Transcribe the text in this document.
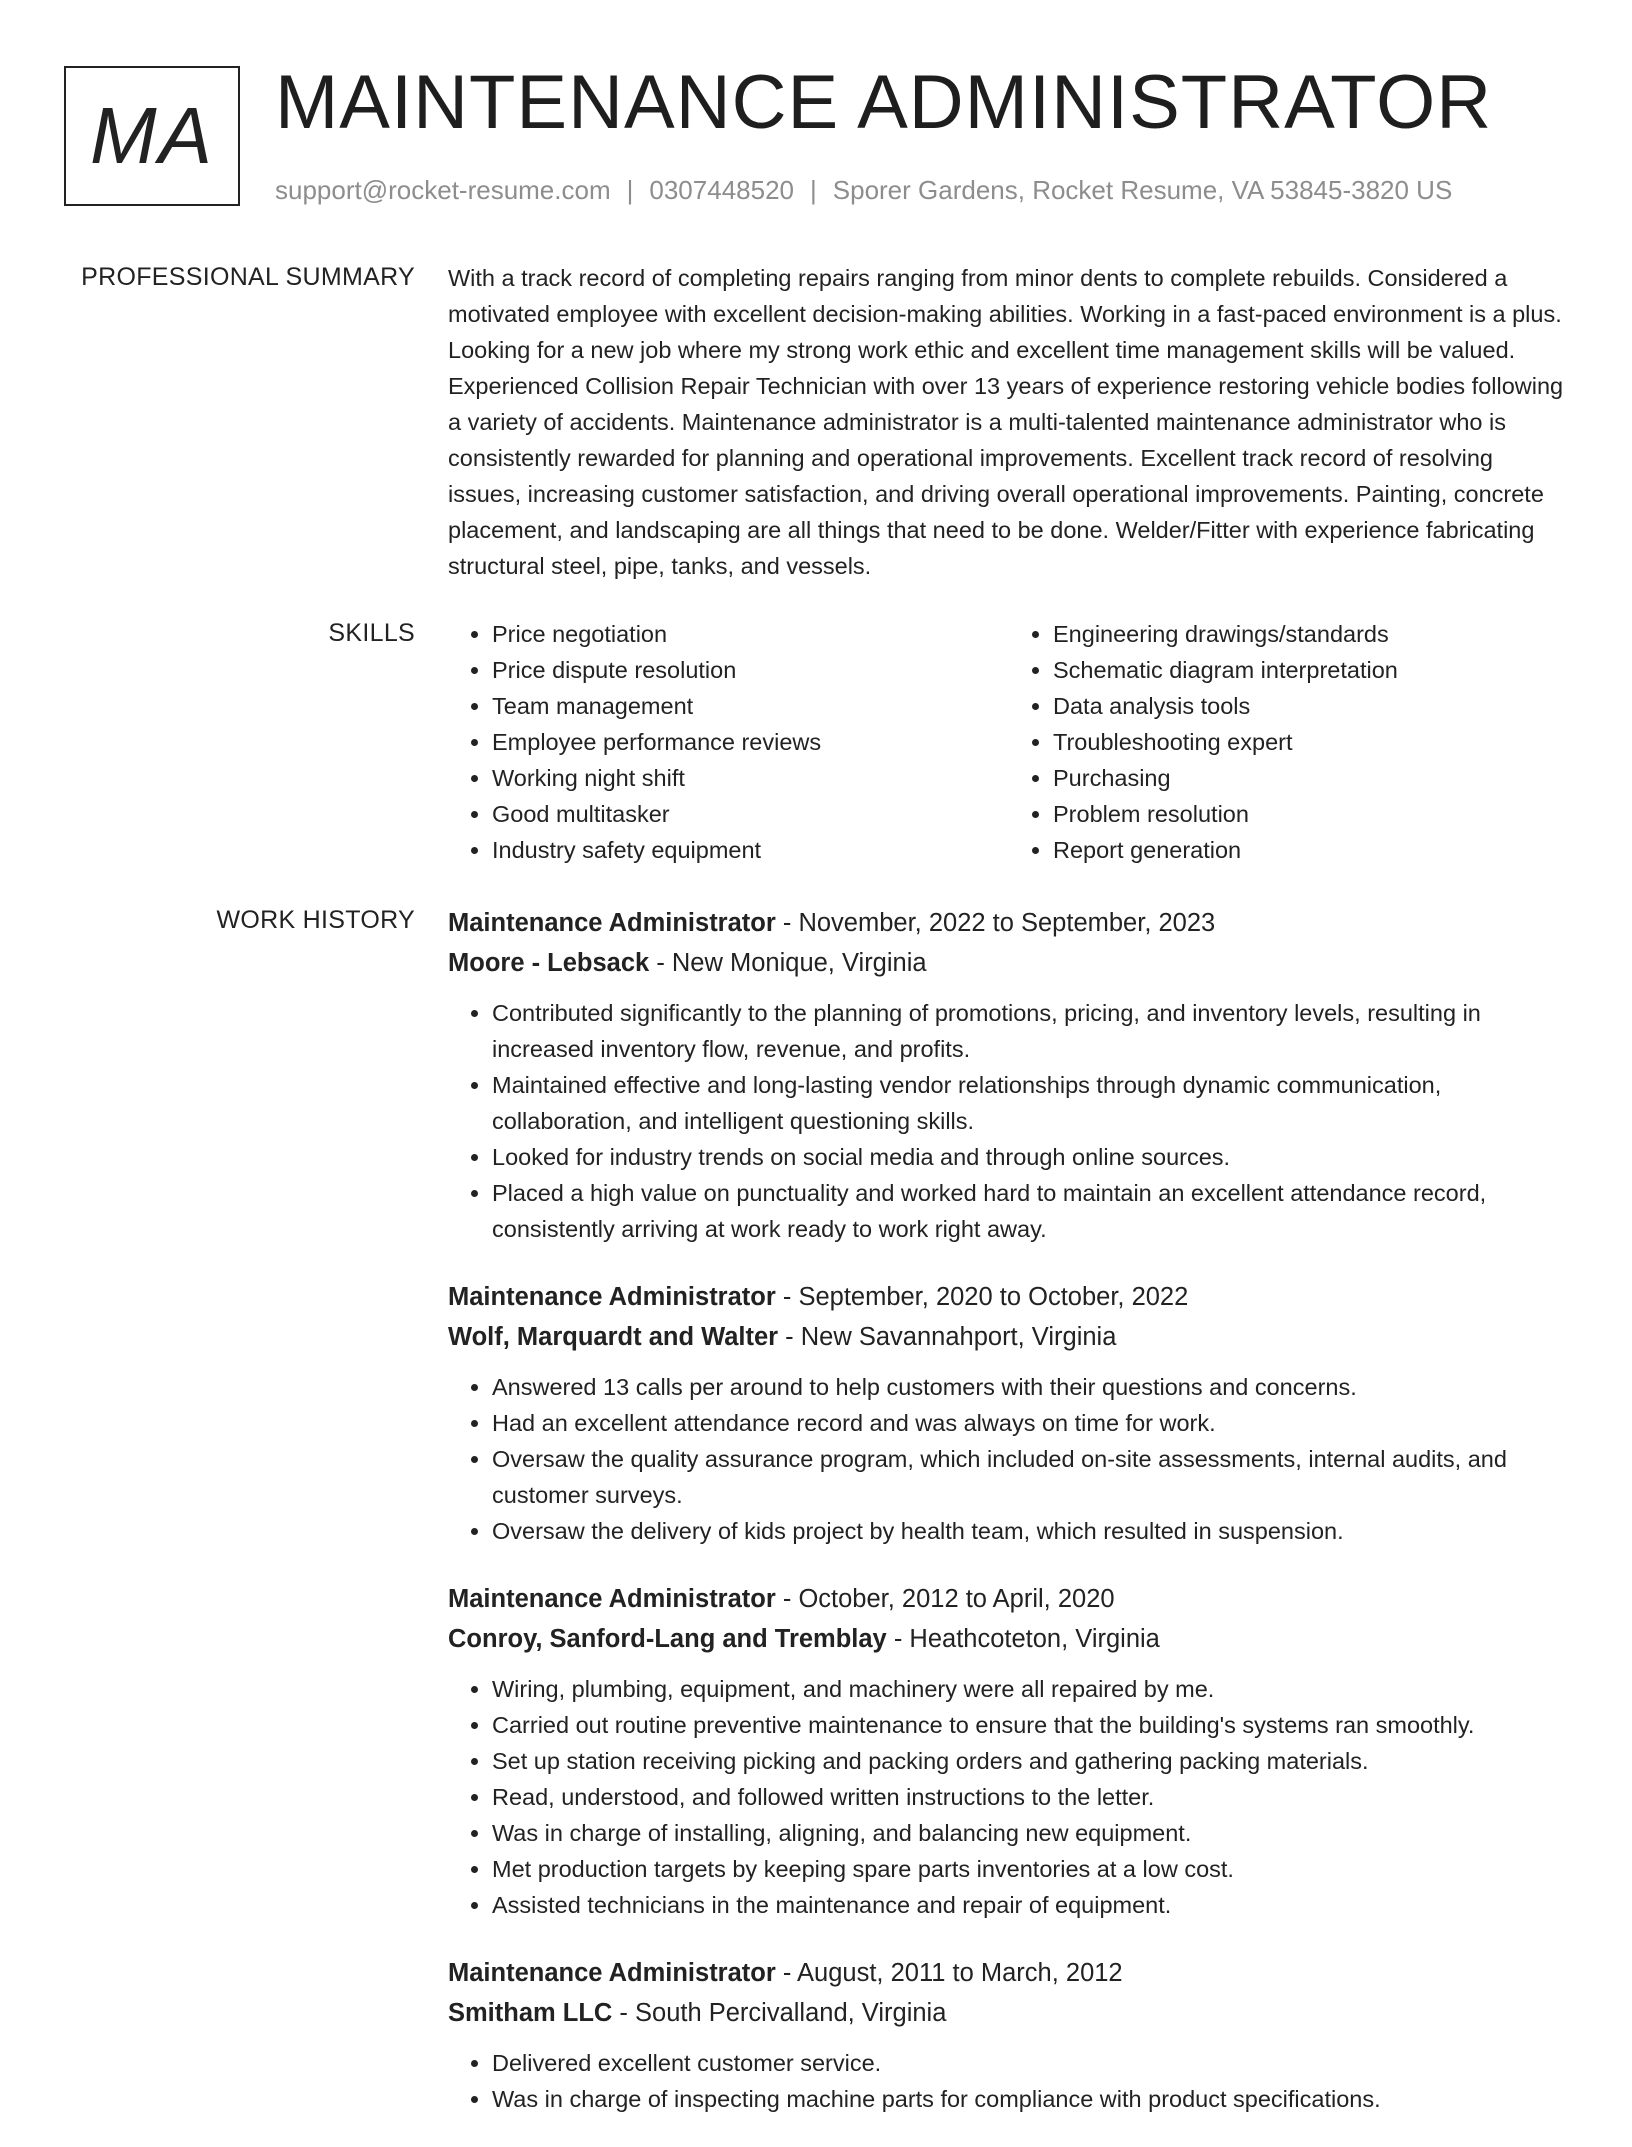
MA MAINTENANCE ADMINISTRATOR
support@rocket-resume.com | 0307448520 | Sporer Gardens, Rocket Resume, VA 53845-3820 US
PROFESSIONAL SUMMARY With a track record of completing repairs ranging from minor dents to complete rebuilds. Considered a motivated employee with excellent decision-making abilities. Working in a fast-paced environment is a plus. Looking for a new job where my strong work ethic and excellent time management skills will be valued. Experienced Collision Repair Technician with over 13 years of experience restoring vehicle bodies following a variety of accidents. Maintenance administrator is a multi-talented maintenance administrator who is consistently rewarded for planning and operational improvements. Excellent track record of resolving issues, increasing customer satisfaction, and driving overall operational improvements. Painting, concrete placement, and landscaping are all things that need to be done. Welder/Fitter with experience fabricating structural steel, pipe, tanks, and vessels.

SKILLS
•	Price negotiation
• Price dispute resolution
• Team management
• Employee performance reviews
• Working night shift
• Good multitasker
• Industry safety equipment
• Engineering drawings/standards
• Schematic diagram interpretation
• Data analysis tools
• Troubleshooting expert
• Purchasing
• Problem resolution
• Report generation
WORK HISTORY Maintenance Administrator - November, 2022 to September, 2023
Moore - Lebsack - New Monique, Virginia
• Contributed significantly to the planning of promotions, pricing, and inventory levels, resulting in increased inventory flow, revenue, and profits.
• Maintained effective and long-lasting vendor relationships through dynamic communication, collaboration, and intelligent questioning skills.
• Looked for industry trends on social media and through online sources.
• Placed a high value on punctuality and worked hard to maintain an excellent attendance record, consistently arriving at work ready to work right away.
Maintenance Administrator - September, 2020 to October, 2022
Wolf, Marquardt and Walter - New Savannahport, Virginia
• Answered 13 calls per around to help customers with their questions and concerns.
• Had an excellent attendance record and was always on time for work.
• Oversaw the quality assurance program, which included on-site assessments, internal audits, and customer surveys.
• Oversaw the delivery of kids project by health team, which resulted in suspension.
Maintenance Administrator - October, 2012 to April, 2020
Conroy, Sanford-Lang and Tremblay - Heathcoteton, Virginia
• Wiring, plumbing, equipment, and machinery were all repaired by me.
• Carried out routine preventive maintenance to ensure that the building's systems ran smoothly.
• Set up station receiving picking and packing orders and gathering packing materials.
• Read, understood, and followed written instructions to the letter.
• Was in charge of installing, aligning, and balancing new equipment.
• Met production targets by keeping spare parts inventories at a low cost.
• Assisted technicians in the maintenance and repair of equipment.
Maintenance Administrator - August, 2011 to March, 2012
Smitham LLC - South Percivalland, Virginia
• Delivered excellent customer service.
• Was in charge of inspecting machine parts for compliance with product specifications.
